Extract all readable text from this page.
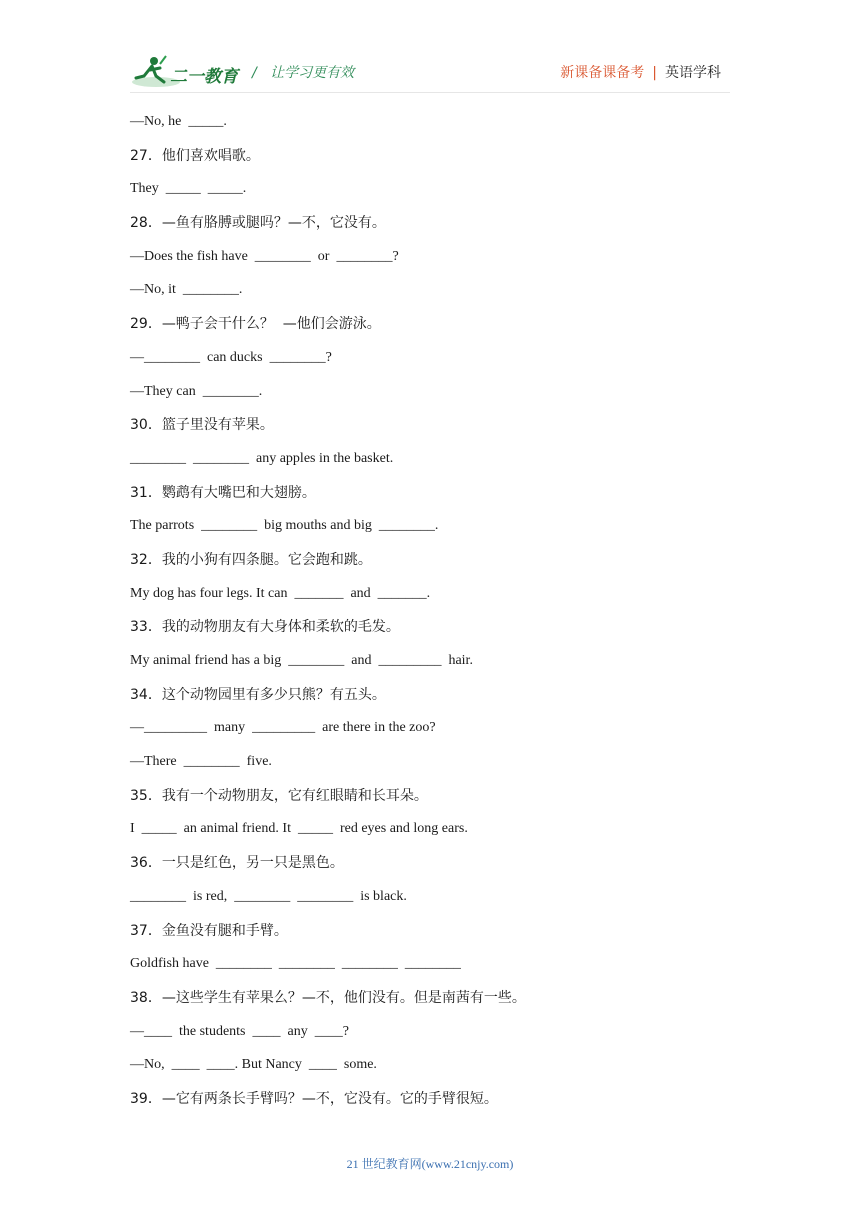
二一教育 / 让学习更有效	新课备课备考 | 英语学科
—No, he  _____.
27．他们喜欢唱歌。
They  _____  _____.
28．—鱼有胳膊或腿吗？—不，它没有。
—Does the fish have  ________  or  ________?
—No, it  ________.
29．—鸭子会干什么？  —他们会游泳。
—________  can ducks  ________?
—They can  ________.
30．篮子里没有苹果。
________  ________  any apples in the basket.
31．鹦鹉有大嘴巴和大翅膀。
The parrots  ________  big mouths and big  ________.
32．我的小狗有四条腿。它会跑和跳。
My dog has four legs. It can  _______  and  _______.
33．我的动物朋友有大身体和柔软的毛发。
My animal friend has a big  ________  and  _________  hair.
34．这个动物园里有多少只熊？有五头。
—_________  many  _________  are there in the zoo?
—There  ________  five.
35．我有一个动物朋友，它有红眼睛和长耳朵。
I  _____  an animal friend. It  _____  red eyes and long ears.
36．一只是红色，另一只是黑色。
________  is red,  ________  ________  is black.
37．金鱼没有腿和手臂。
Goldfish have  ________  ________  ________  ________
38．—这些学生有苹果么？—不，他们没有。但是南茜有一些。
—____  the students  ____  any  ____?
—No,  ____  ____. But Nancy  ____  some.
39．—它有两条长手臂吗？—不，它没有。它的手臂很短。
21 世纪教育网(www.21cnjy.com)
